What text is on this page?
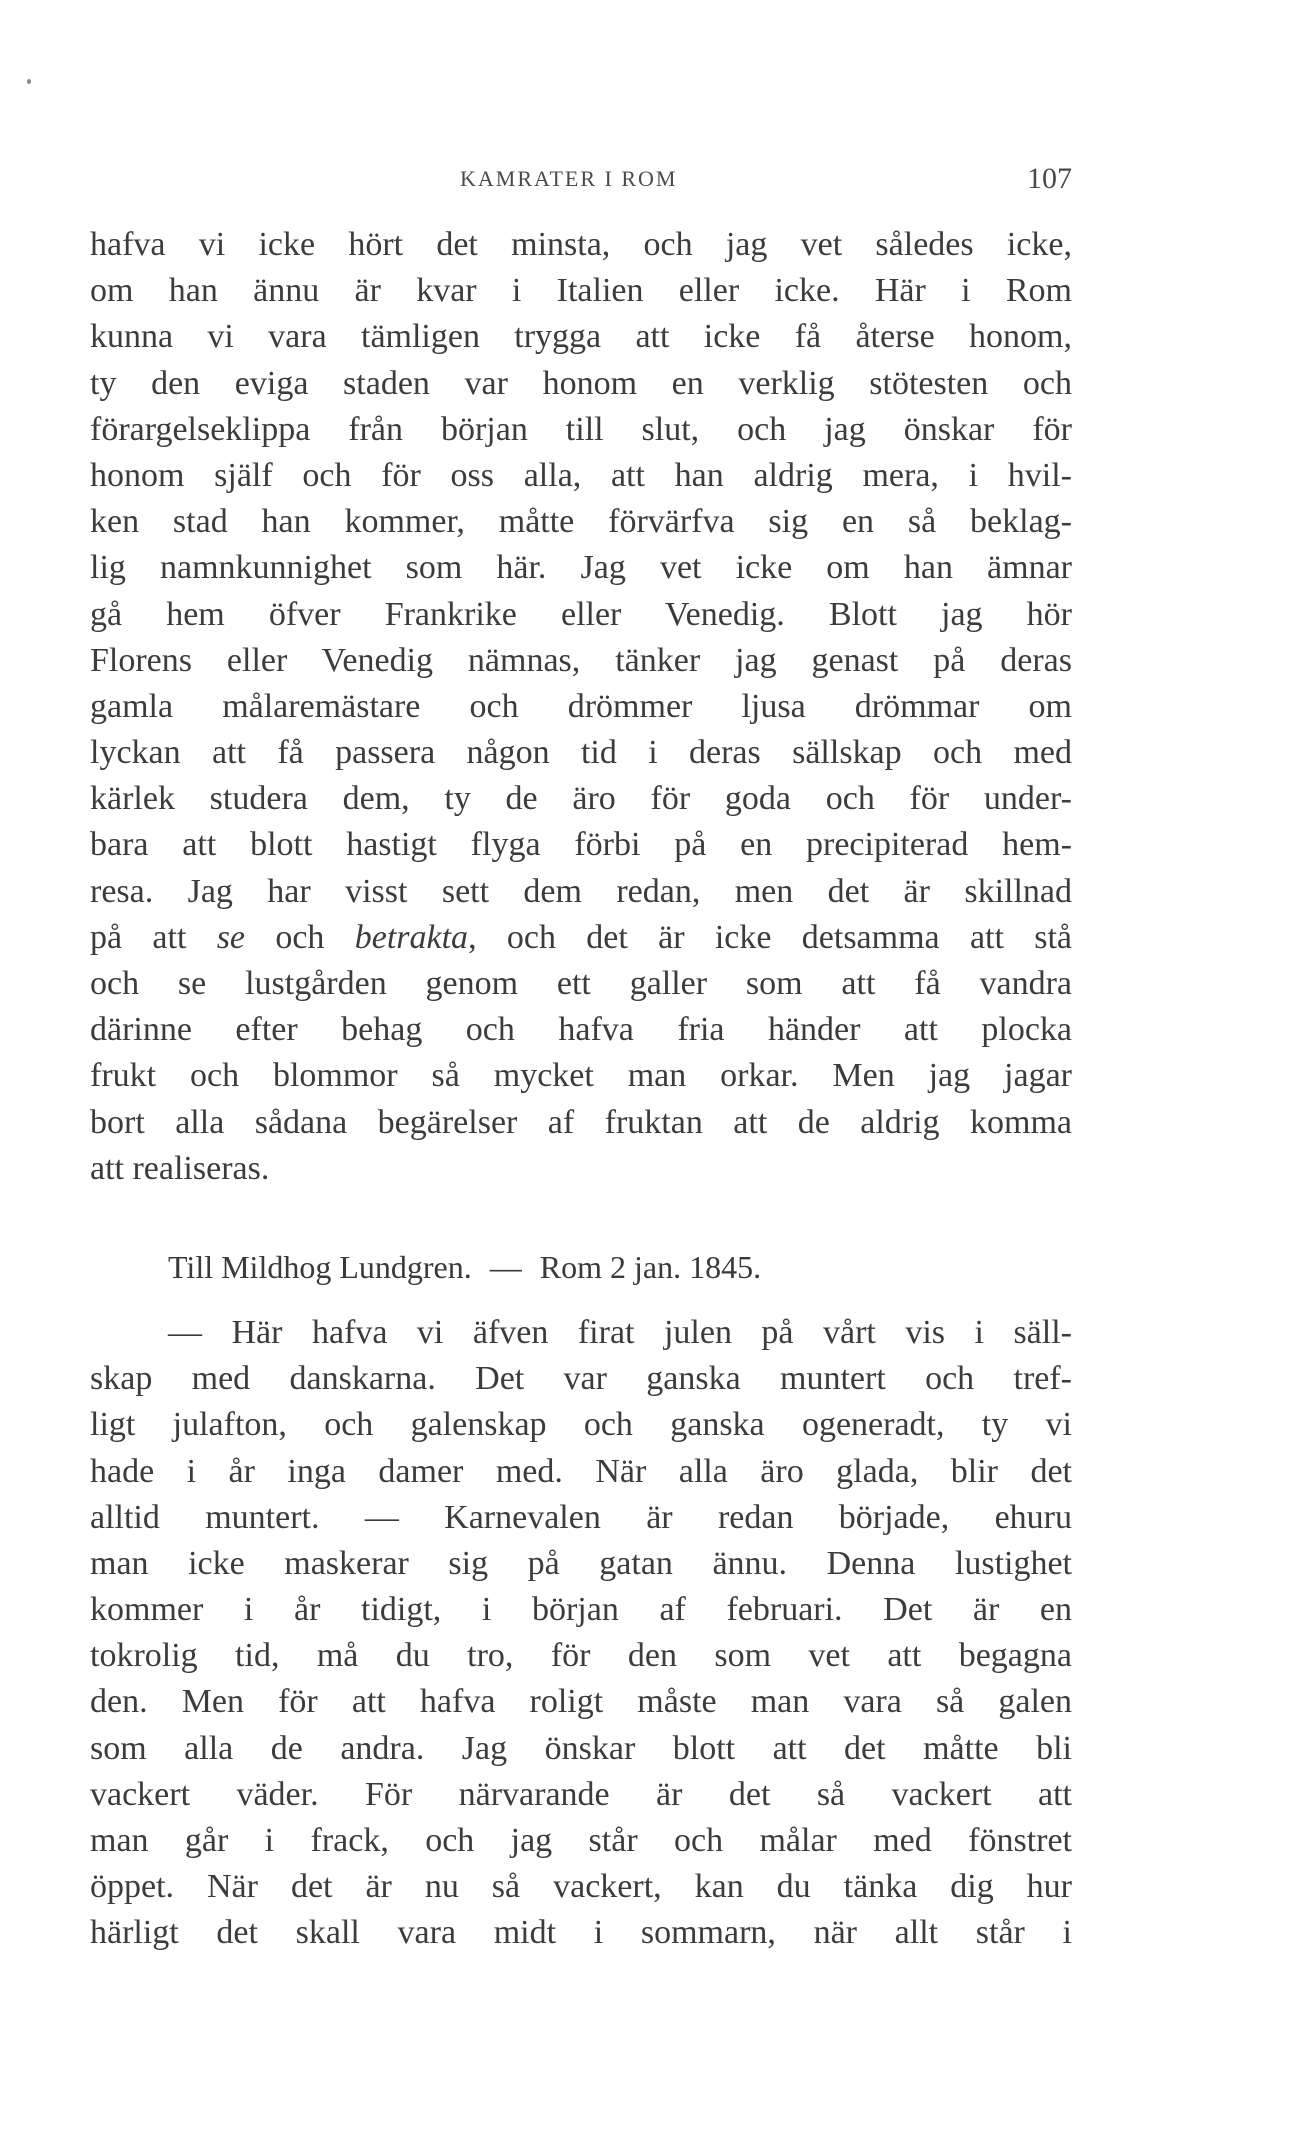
KAMRATER I ROM	107
hafva vi icke hört det minsta, och jag vet således icke,
om han ännu är kvar i Italien eller icke. Här i Rom
kunna vi vara tämligen trygga att icke få återse honom,
ty den eviga staden var honom en verklig stötesten och
förargelseklippa från början till slut, och jag önskar för
honom själf och för oss alla, att han aldrig mera, i hvil-
ken stad han kommer, måtte förvärfva sig en så beklag-
lig namnkunnighet som här. Jag vet icke om han ämnar
gå hem öfver Frankrike eller Venedig. Blott jag hör
Florens eller Venedig nämnas, tänker jag genast på deras
gamla målaremästare och drömmer ljusa drömmar om
lyckan att få passera någon tid i deras sällskap och med
kärlek studera dem, ty de äro för goda och för under-
bara att blott hastigt flyga förbi på en precipiterad hem-
resa. Jag har visst sett dem redan, men det är skillnad
på att se och betrakta, och det är icke detsamma att stå
och se lustgården genom ett galler som att få vandra
därinne efter behag och hafva fria händer att plocka
frukt och blommor så mycket man orkar. Men jag jagar
bort alla sådana begärelser af fruktan att de aldrig komma
att realiseras.
Till Mildhog Lundgren. — Rom 2 jan. 1845.
— Här hafva vi äfven firat julen på vårt vis i säll-
skap med danskarna. Det var ganska muntert och tref-
ligt julafton, och galenskap och ganska ogeneradt, ty vi
hade i år inga damer med. När alla äro glada, blir det
alltid muntert. — Karnevalen är redan började, ehuru
man icke maskerar sig på gatan ännu. Denna lustighet
kommer i år tidigt, i början af februari. Det är en
tokrolig tid, må du tro, för den som vet att begagna
den. Men för att hafva roligt måste man vara så galen
som alla de andra. Jag önskar blott att det måtte bli
vackert väder. För närvarande är det så vackert att
man går i frack, och jag står och målar med fönstret
öppet. När det är nu så vackert, kan du tänka dig hur
härligt det skall vara midt i sommarn, när allt står i
